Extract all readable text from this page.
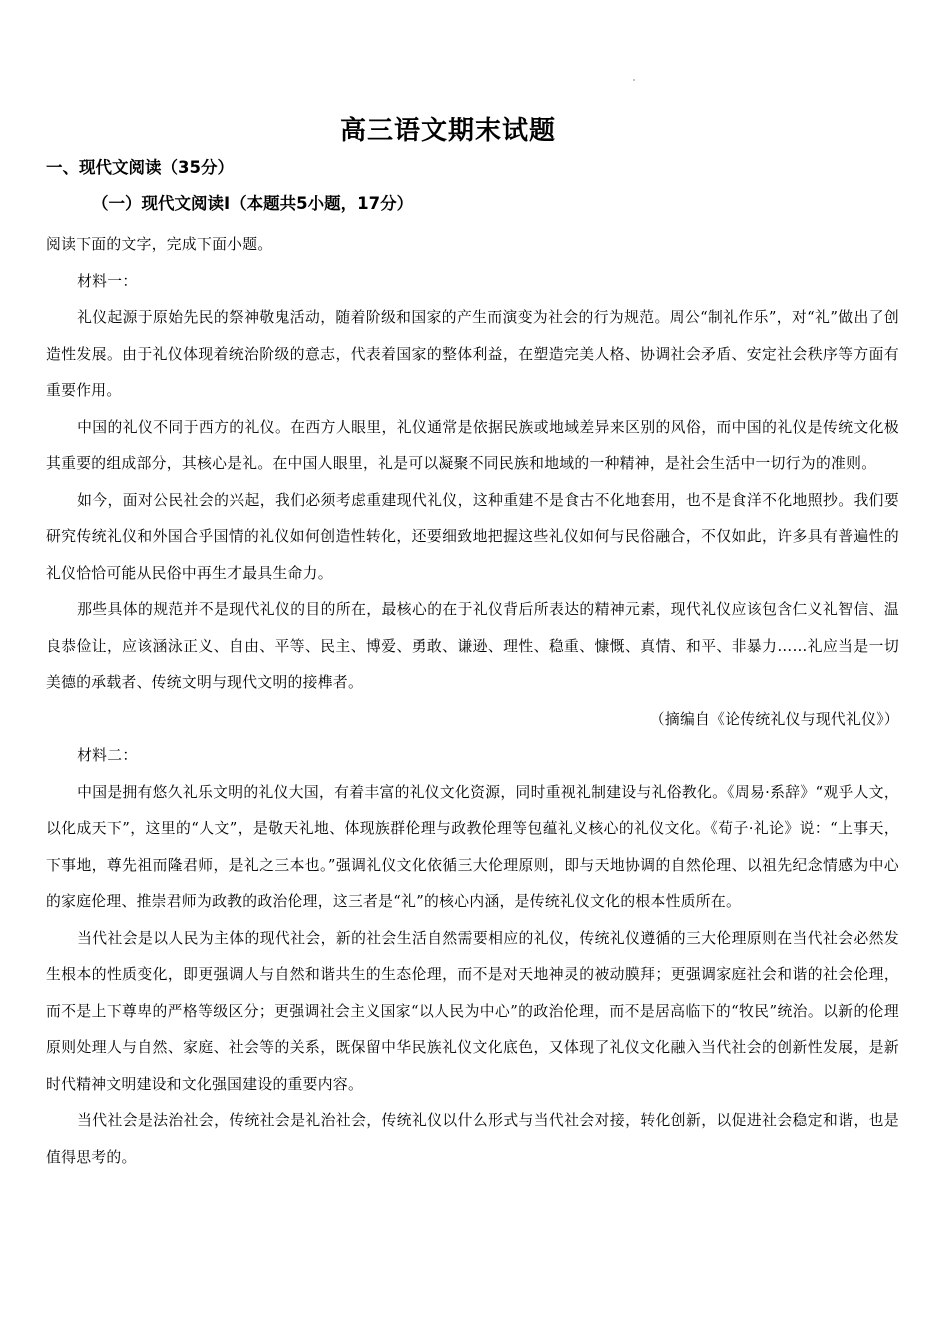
高三语文期末试题
一、现代文阅读（35分）
（一）现代文阅读Ⅰ（本题共5小题，17分）

阅读下面的文字，完成下面小题。

材料一：

礼仪起源于原始先民的祭神敬鬼活动，随着阶级和国家的产生而演变为社会的行为规范。周公“制礼作乐”，对“礼”做出了创造性发展。由于礼仪体现着统治阶级的意志，代表着国家的整体利益，在塑造完美人格、协调社会矛盾、安定社会秩序等方面有重要作用。

中国的礼仪不同于西方的礼仪。在西方人眼里，礼仪通常是依据民族或地域差异来区别的风俗，而中国的礼仪是传统文化极其重要的组成部分，其核心是礼。在中国人眼里，礼是可以凝聚不同民族和地域的一种精神，是社会生活中一切行为的准则。

如今，面对公民社会的兴起，我们必须考虑重建现代礼仪，这种重建不是食古不化地套用，也不是食洋不化地照抄。我们要研究传统礼仪和外国合乎国情的礼仪如何创造性转化，还要细致地把握这些礼仪如何与民俗融合，不仅如此，许多具有普遍性的礼仪恰恰可能从民俗中再生才最具生命力。

那些具体的规范并不是现代礼仪的目的所在，最核心的在于礼仪背后所表达的精神元素，现代礼仪应该包含仁义礼智信、温良恭俭让，应该涵泳正义、自由、平等、民主、博爱、勇敢、谦逊、理性、稳重、慷慨、真情、和平、非暴力……礼应当是一切美德的承载者、传统文明与现代文明的接榫者。

（摘编自《论传统礼仪与现代礼仪》）

材料二：

中国是拥有悠久礼乐文明的礼仪大国，有着丰富的礼仪文化资源，同时重视礼制建设与礼俗教化。《周易·系辞》“观乎人文，以化成天下”，这里的“人文”，是敬天礼地、体现族群伦理与政教伦理等包蕴礼义核心的礼仪文化。《荀子·礼论》说：“上事天，下事地，尊先祖而隆君师，是礼之三本也。”强调礼仪文化依循三大伦理原则，即与天地协调的自然伦理、以祖先纪念情感为中心的家庭伦理、推崇君师为政教的政治伦理，这三者是“礼”的核心内涵，是传统礼仪文化的根本性质所在。

当代社会是以人民为主体的现代社会，新的社会生活自然需要相应的礼仪，传统礼仪遵循的三大伦理原则在当代社会必然发生根本的性质变化，即更强调人与自然和谐共生的生态伦理，而不是对天地神灵的被动膜拜；更强调家庭社会和谐的社会伦理，而不是上下尊卑的严格等级区分；更强调社会主义国家“以人民为中心”的政治伦理，而不是居高临下的“牧民”统治。以新的伦理原则处理人与自然、家庭、社会等的关系，既保留中华民族礼仪文化底色，又体现了礼仪文化融入当代社会的创新性发展，是新时代精神文明建设和文化强国建设的重要内容。

当代社会是法治社会，传统社会是礼治社会，传统礼仪以什么形式与当代社会对接，转化创新，以促进社会稳定和谐，也是值得思考的。
